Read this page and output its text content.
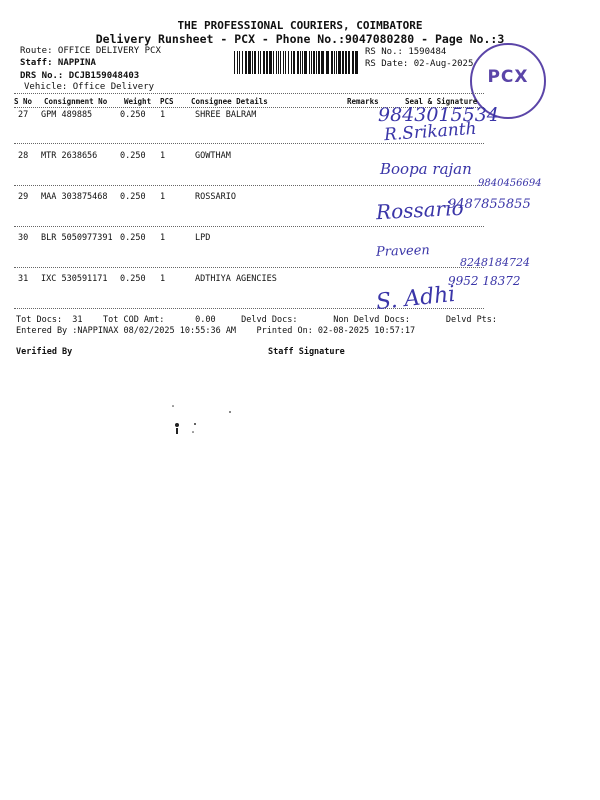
THE PROFESSIONAL COURIERS, COIMBATORE
Delivery Runsheet - PCX - Phone No.:9047080280 - Page No.:3
Route: OFFICE DELIVERY PCX
Staff: NAPPINA
DRS No.: DCJB159048403
Vehicle: Office Delivery
RS No.: 1590484
RS Date: 02-Aug-2025
PCX
S No Consignment No Weight PCS Consignee Details	Remarks	Seal & Signature
27 GPM 489885	0.250 1	SHREE BALRAM
28 MTR 2638656	0.250 1	GOWTHAM
29 MAA 303875468 0.250 1	ROSSARIO
30 BLR 5050977391 0.250 1	LPD
31 IXC 530591171 0.250 1	ADTHIYA AGENCIES
9843015534
R.Srikanth
Boopa rajan
9840456694
Rossario
9487855855
Praveen
8248184724
9952 18372
S. Adhi
Tot Docs:  31    Tot COD Amt:      0.00     Delvd Docs:       Non Delvd Docs:       Delvd Pts:
Entered By :NAPPINAX 08/02/2025 10:55:36 AM    Printed On: 02-08-2025 10:57:17
Verified By	Staff Signature
